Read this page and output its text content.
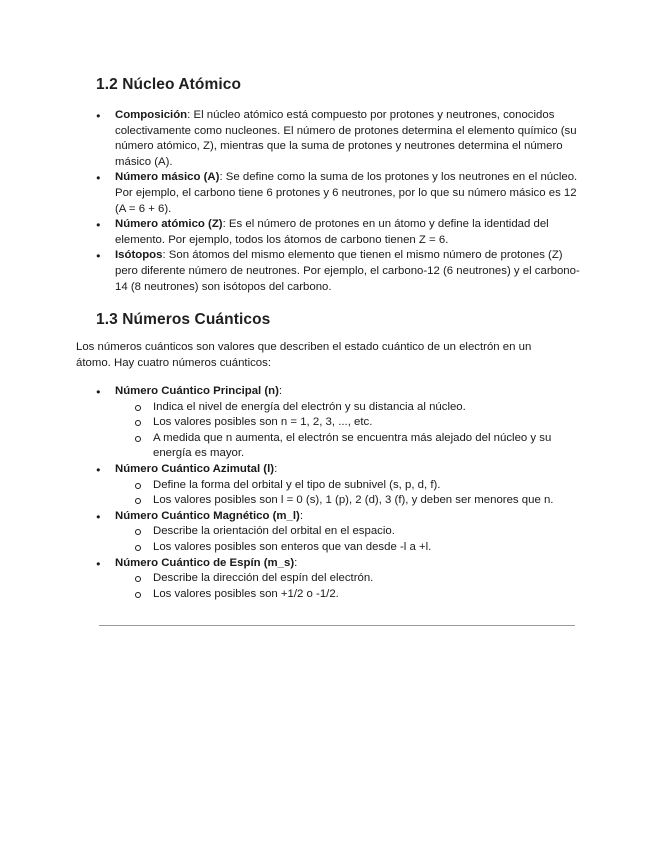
1.2 Núcleo Atómico
● Composición: El núcleo atómico está compuesto por protones y neutrones, conocidos colectivamente como nucleones. El número de protones determina el elemento químico (su número atómico, Z), mientras que la suma de protones y neutrones determina el número másico (A).
● Número másico (A): Se define como la suma de los protones y los neutrones en el núcleo. Por ejemplo, el carbono tiene 6 protones y 6 neutrones, por lo que su número másico es 12 (A = 6 + 6).
● Número atómico (Z): Es el número de protones en un átomo y define la identidad del elemento. Por ejemplo, todos los átomos de carbono tienen Z = 6.
● Isótopos: Son átomos del mismo elemento que tienen el mismo número de protones (Z) pero diferente número de neutrones. Por ejemplo, el carbono-12 (6 neutrones) y el carbono-14 (8 neutrones) son isótopos del carbono.
1.3 Números Cuánticos

Los números cuánticos son valores que describen el estado cuántico de un electrón en un átomo. Hay cuatro números cuánticos:

● Número Cuántico Principal (n):
Indica el nivel de energía del electrón y su distancia al núcleo.
Los valores posibles son n = 1, 2, 3, ..., etc.
A medida que n aumenta, el electrón se encuentra más alejado del núcleo y su energía es mayor.
● Número Cuántico Azimutal (l):
Define la forma del orbital y el tipo de subnivel (s, p, d, f).
Los valores posibles son l = 0 (s), 1 (p), 2 (d), 3 (f), y deben ser menores que n.
● Número Cuántico Magnético (m_l):
Describe la orientación del orbital en el espacio.
Los valores posibles son enteros que van desde -l a +l.
● Número Cuántico de Espín (m_s):
Describe la dirección del espín del electrón.
Los valores posibles son +1/2 o -1/2.
